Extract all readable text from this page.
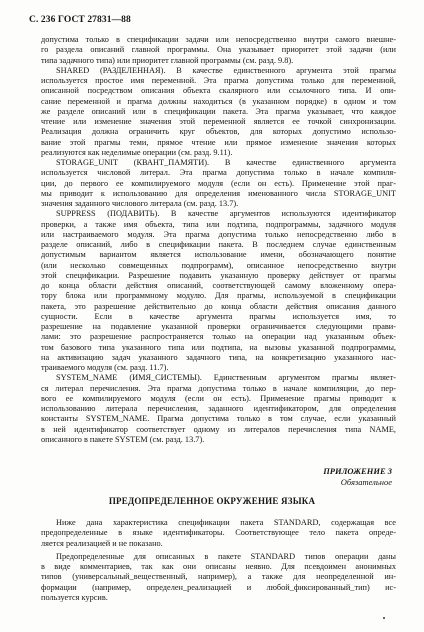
С. 236 ГОСТ 27831—88
допустима только в спецификации задачи или непосредственно внутри самого внешне-
го раздела описаний главной программы. Она указывает приоритет этой задачи (или
типа задачного типа) или приоритет главной программы (см. разд. 9.8).
SHARED (РАЗДЕЛЕННАЯ). В качестве единственного аргумента этой прагмы
используется простое имя переменной. Эта прагма допустима только для переменной,
описанной посредством описания объекта скалярного или ссылочного типа. И опи-
сание переменной и прагма должны находиться (в указанном порядке) в одном и том
же разделе описаний или в спецификации пакета. Эта прагма указывает, что каждое
чтение или изменение значения этой переменной является ее точкой синхронизации.
Реализация должна ограничить круг объектов, для которых допустимо использо-
вание этой прагмы теми, прямое чтение или прямое изменение значения которых
реализуются как неделимые операции (см. разд. 9.11).
STORAGE_UNIT (КВАНТ_ПАМЯТИ). В качестве единственного аргумента
используется числовой литерал. Эта прагма допустима только в начале компиля-
ции, до первого ее компилируемого модуля (если он есть). Применение этой праг-
мы приводит к использованию для определения именованного числа STORAGE_UNIT
значения заданного числового литерала (см. разд. 13.7).
SUPPRESS (ПОДАВИТЬ). В качестве аргументов используются идентификатор
проверки, а также имя объекта, типа или подтипа, подпрограммы, задачного модуля
или настраиваемого модуля. Эта прагма допустима только непосредственно либо в
разделе описаний, либо в спецификации пакета. В последнем случае единственным
допустимым вариантом является использование имени, обозначающего понятие
(или несколько совмещенных подпрограмм), описанное непосредственно внутри
этой спецификации. Разрешение подавить указанную проверку действует от прагмы
до конца области действия описаний, соответствующей самому вложенному опера-
тору блока или программному модулю. Для прагмы, используемой в спецификации
пакета, это разрешение действительно до конца области действия описания данного
сущности. Если в качестве аргумента прагмы используется имя, то
разрешение на подавление указанной проверки ограничивается следующими прави-
лами: это разрешение распространяется только на операции над указанным объек-
том базового типа указанного типа или подтипа, на вызовы указанной подпрограммы,
на активизацию задач указанного задачного типа, на конкретизацию указанного нас-
траиваемого модуля (см. разд. 11.7).
SYSTEM_NAME (ИМЯ_СИСТЕМЫ). Единственным аргументом прагмы являет-
ся литерал перечисления. Эта прагма допустима только в начале компиляции, до пер-
вого ее компилируемого модуля (если он есть). Применение прагмы приводит к
использованию литерала перечисления, заданного идентификатором, для определения
константы SYSTEM_NAME. Прагма допустима только в том случае, если указанный
в ней идентификатор соответствует одному из литералов перечисления типа NAME,
описанного в пакете SYSTEM (см. разд. 13.7).
ПРИЛОЖЕНИЕ 3
Обязательное
ПРЕДОПРЕДЕЛЕННОЕ ОКРУЖЕНИЕ ЯЗЫКА
Ниже дана характеристика спецификации пакета STANDARD, содержащая все
предопределенные в языке идентификаторы. Соответствующее тело пакета опреде-
ляется реализацией и не показано.
Предопределенные для описанных в пакете STANDARD типов операции даны
в виде комментариев, так как они описаны неявно. Для псевдоимен анонимных
типов (универсальный_вещественный, например), а также для неопределенной ин-
формации (например, определен_реализацией и любой_фиксированный_тип) ис-
пользуется курсив.
